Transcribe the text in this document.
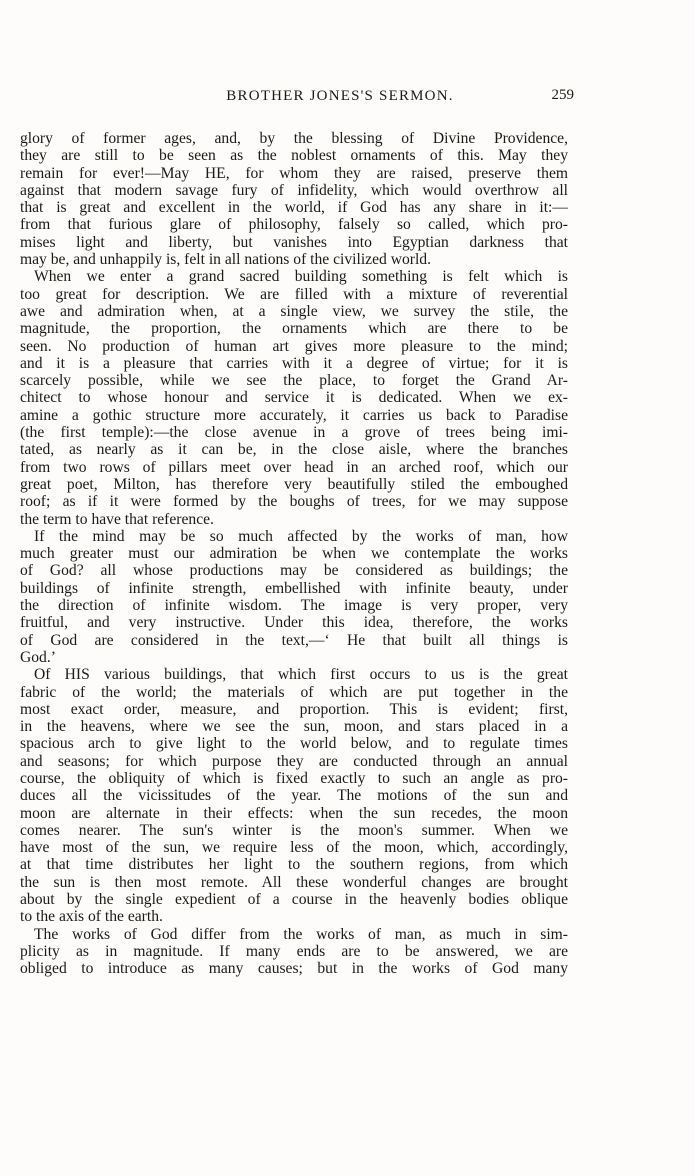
BROTHER JONES'S SERMON.	259
glory of former ages, and, by the blessing of Divine Providence,
they are still to be seen as the noblest ornaments of this. May they
remain for ever!—May HE, for whom they are raised, preserve them
against that modern savage fury of infidelity, which would overthrow all
that is great and excellent in the world, if God has any share in it:—
from that furious glare of philosophy, falsely so called, which pro-
mises light and liberty, but vanishes into Egyptian darkness that
may be, and unhappily is, felt in all nations of the civilized world.
When we enter a grand sacred building something is felt which is
too great for description. We are filled with a mixture of reverential
awe and admiration when, at a single view, we survey the stile, the
magnitude, the proportion, the ornaments which are there to be
seen. No production of human art gives more pleasure to the mind;
and it is a pleasure that carries with it a degree of virtue; for it is
scarcely possible, while we see the place, to forget the Grand Ar-
chitect to whose honour and service it is dedicated. When we ex-
amine a gothic structure more accurately, it carries us back to Paradise
(the first temple):—the close avenue in a grove of trees being imi-
tated, as nearly as it can be, in the close aisle, where the branches
from two rows of pillars meet over head in an arched roof, which our
great poet, Milton, has therefore very beautifully stiled the emboughed
roof; as if it were formed by the boughs of trees, for we may suppose
the term to have that reference.
If the mind may be so much affected by the works of man, how
much greater must our admiration be when we contemplate the works
of God? all whose productions may be considered as buildings; the
buildings of infinite strength, embellished with infinite beauty, under
the direction of infinite wisdom. The image is very proper, very
fruitful, and very instructive. Under this idea, therefore, the works
of God are considered in the text,—‘ He that built all things is
God.’
Of HIS various buildings, that which first occurs to us is the great
fabric of the world; the materials of which are put together in the
most exact order, measure, and proportion. This is evident; first,
in the heavens, where we see the sun, moon, and stars placed in a
spacious arch to give light to the world below, and to regulate times
and seasons; for which purpose they are conducted through an annual
course, the obliquity of which is fixed exactly to such an angle as pro-
duces all the vicissitudes of the year. The motions of the sun and
moon are alternate in their effects: when the sun recedes, the moon
comes nearer. The sun's winter is the moon's summer. When we
have most of the sun, we require less of the moon, which, accordingly,
at that time distributes her light to the southern regions, from which
the sun is then most remote. All these wonderful changes are brought
about by the single expedient of a course in the heavenly bodies oblique
to the axis of the earth.
The works of God differ from the works of man, as much in sim-
plicity as in magnitude. If many ends are to be answered, we are
obliged to introduce as many causes; but in the works of God many
